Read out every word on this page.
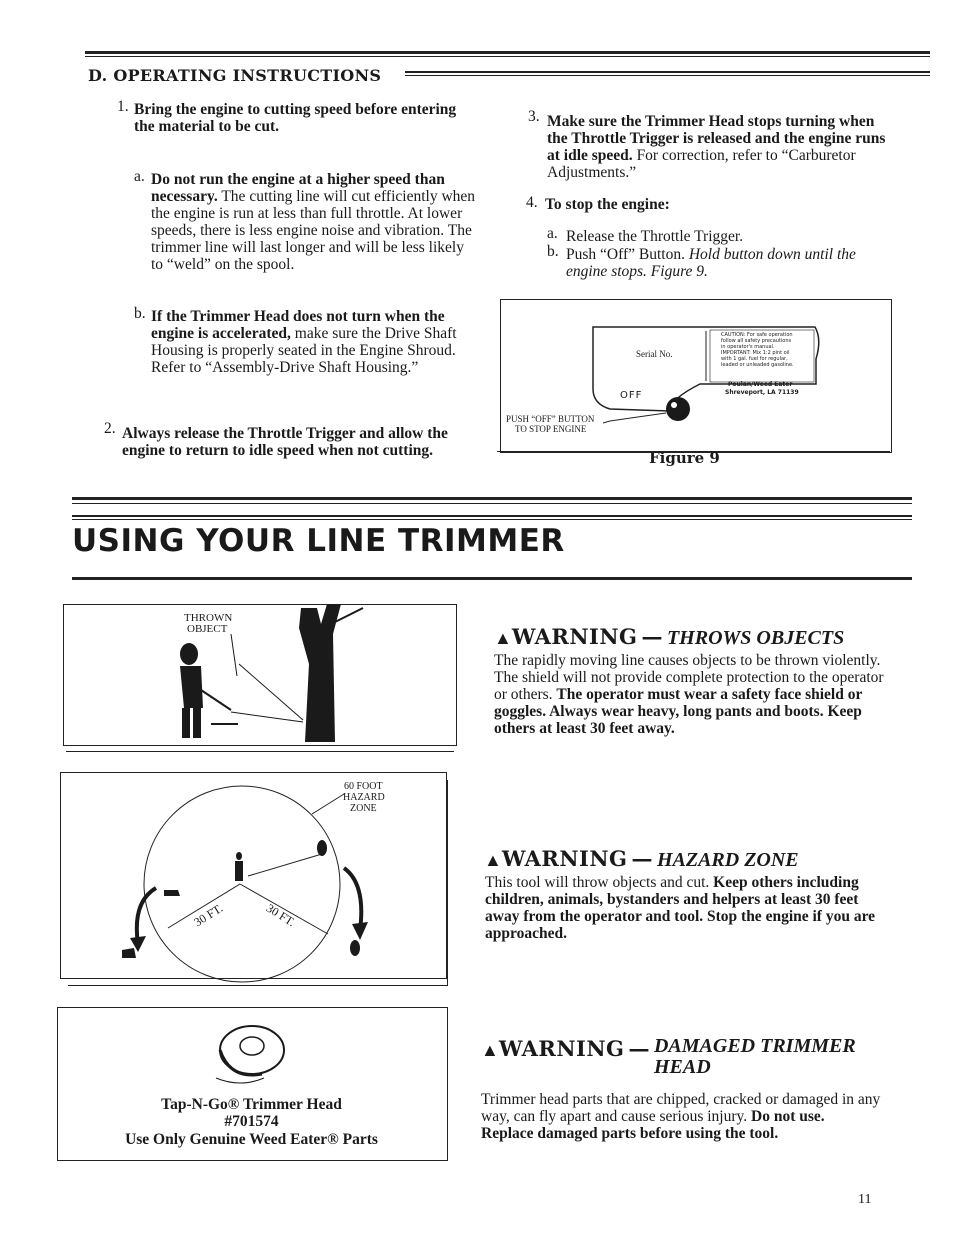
D. OPERATING INSTRUCTIONS
1. Bring the engine to cutting speed before entering the material to be cut.
a. Do not run the engine at a higher speed than necessary. The cutting line will cut efficiently when the engine is run at less than full throttle. At lower speeds, there is less engine noise and vibration. The trimmer line will last longer and will be less likely to “weld” on the spool.
b. If the Trimmer Head does not turn when the engine is accelerated, make sure the Drive Shaft Housing is properly seated in the Engine Shroud. Refer to “Assembly-Drive Shaft Housing.”
2. Always release the Throttle Trigger and allow the engine to return to idle speed when not cutting.
3. Make sure the Trimmer Head stops turning when the Throttle Trigger is released and the engine runs at idle speed. For correction, refer to “Carburetor Adjustments.”
4. To stop the engine:
a. Release the Throttle Trigger.
b. Push “Off” Button. Hold button down until the engine stops. Figure 9.
Serial No.
OFF
CAUTION: For safe operation
follow all safety precautions
in operator's manual.
IMPORTANT: Mix 1:2 pint oil
with 1 gal. fuel for regular,
leaded or unleaded gasoline.
Poulan/Weed Eater
Shreveport, LA 71139
PUSH “OFF” BUTTON
TO STOP ENGINE
Figure 9
USING YOUR LINE TRIMMER
THROWN
OBJECT
60 FOOT
HAZARD
ZONE
30 FT.	30 FT.
Tap-N-Go® Trimmer Head
#701574
Use Only Genuine Weed Eater® Parts
▲WARNING — THROWS OBJECTS
The rapidly moving line causes objects to be thrown violently. The shield will not provide complete protection to the operator or others. The operator must wear a safety face shield or goggles. Always wear heavy, long pants and boots. Keep others at least 30 feet away.
▲WARNING — HAZARD ZONE
This tool will throw objects and cut. Keep others including children, animals, bystanders and helpers at least 30 feet away from the operator and tool. Stop the engine if you are approached.
▲WARNING — DAMAGED TRIMMER HEAD
Trimmer head parts that are chipped, cracked or damaged in any way, can fly apart and cause serious injury. Do not use. Replace damaged parts before using the tool.
11
